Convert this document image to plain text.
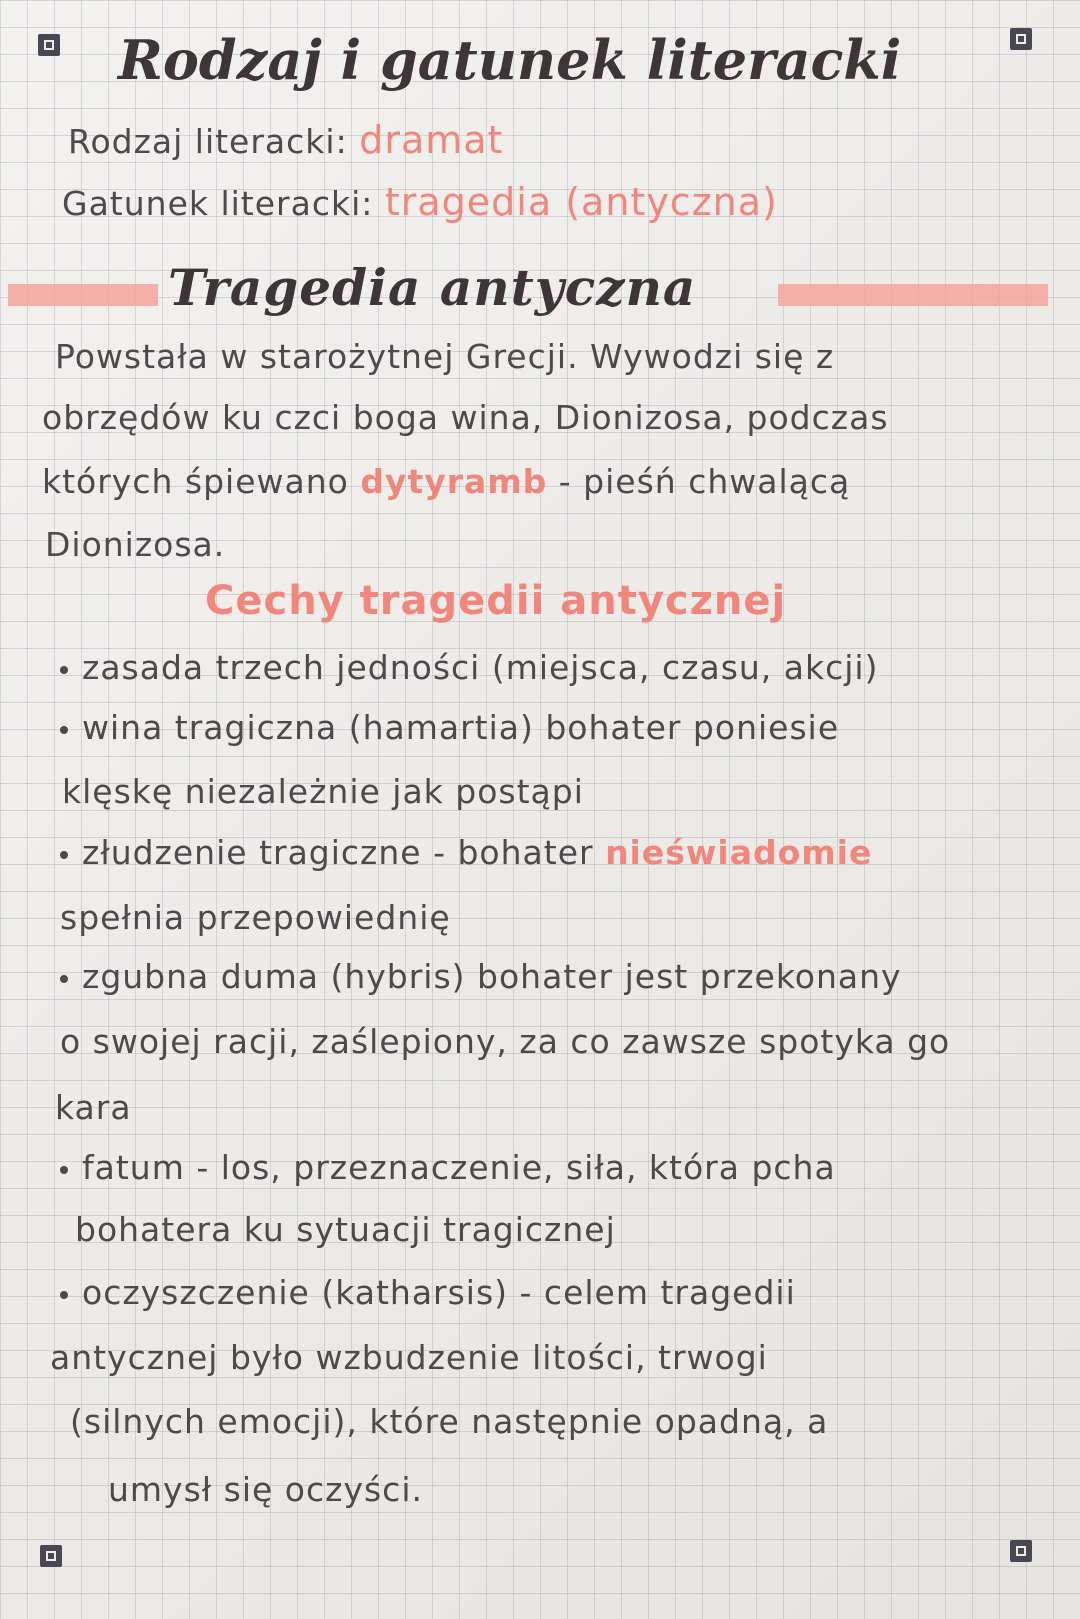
Rodzaj i gatunek literacki
Rodzaj literacki: dramat
Gatunek literacki: tragedia (antyczna)
Tragedia antyczna
Powstała w starożytnej Grecji. Wywodzi się z
obrzędów ku czci boga wina, Dionizosa, podczas
których śpiewano dytyramb - pieśń chwalącą
Dionizosa.
Cechy tragedii antycznej
zasada trzech jedności (miejsca, czasu, akcji)
wina tragiczna (hamartia) bohater poniesie
klęskę niezależnie jak postąpi
złudzenie tragiczne - bohater nieświadomie
spełnia przepowiednię
zgubna duma (hybris) bohater jest przekonany
o swojej racji, zaślepiony, za co zawsze spotyka go
kara
fatum - los, przeznaczenie, siła, która pcha
bohatera ku sytuacji tragicznej
oczyszczenie (katharsis) - celem tragedii
antycznej było wzbudzenie litości, trwogi
(silnych emocji), które następnie opadną, a
umysł się oczyści.
